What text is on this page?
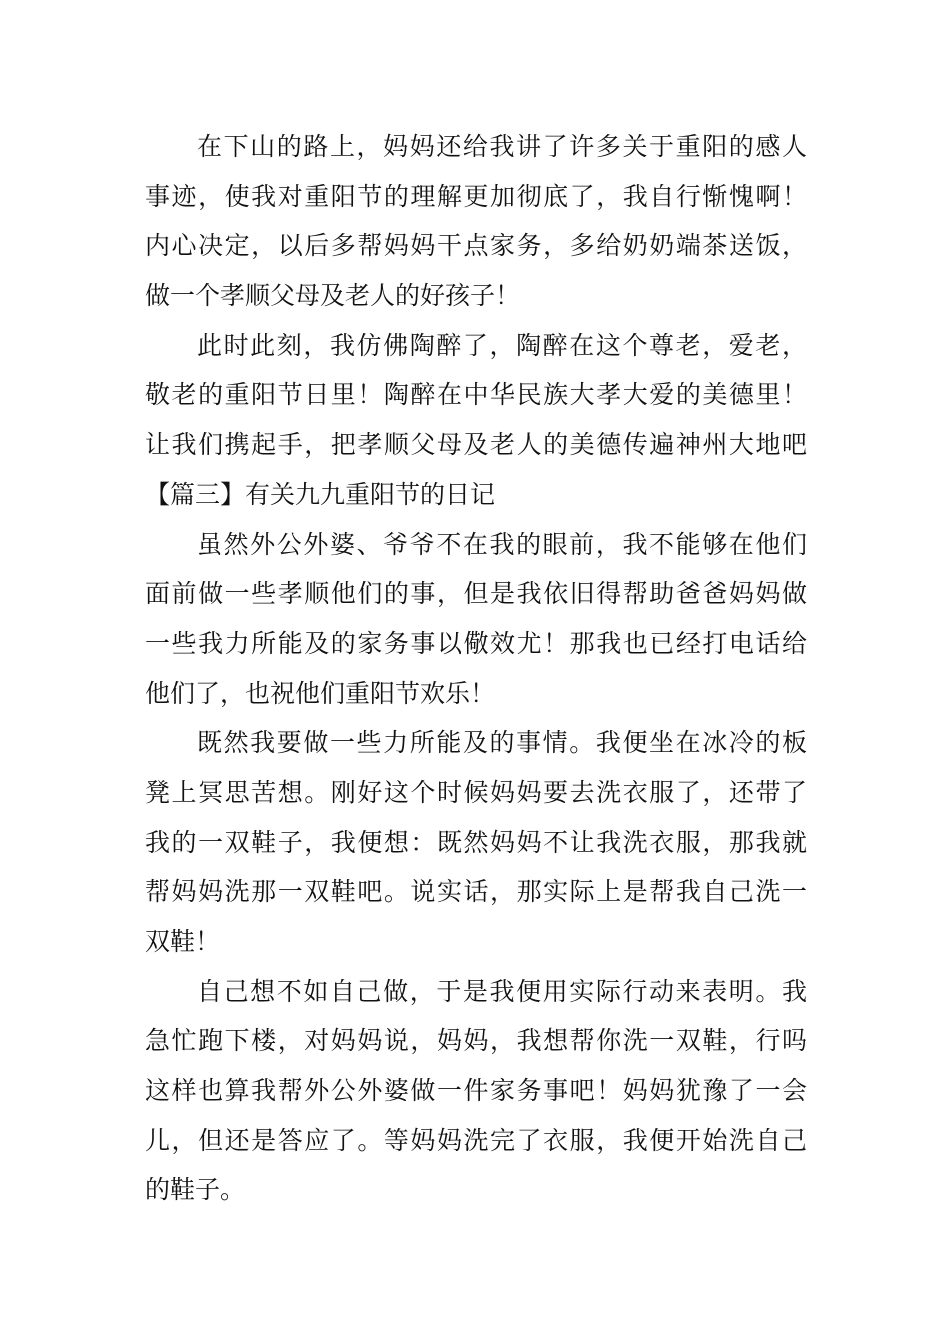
在下山的路上，妈妈还给我讲了许多关于重阳的感人
事迹，使我对重阳节的理解更加彻底了，我自行惭愧啊！
内心决定，以后多帮妈妈干点家务，多给奶奶端茶送饭，
做一个孝顺父母及老人的好孩子！
此时此刻，我仿佛陶醉了，陶醉在这个尊老，爱老，
敬老的重阳节日里！陶醉在中华民族大孝大爱的美德里！
让我们携起手，把孝顺父母及老人的美德传遍神州大地吧
【篇三】有关九九重阳节的日记
虽然外公外婆、爷爷不在我的眼前，我不能够在他们
面前做一些孝顺他们的事，但是我依旧得帮助爸爸妈妈做
一些我力所能及的家务事以儆效尤！那我也已经打电话给
他们了，也祝他们重阳节欢乐！
既然我要做一些力所能及的事情。我便坐在冰冷的板
凳上冥思苦想。刚好这个时候妈妈要去洗衣服了，还带了
我的一双鞋子，我便想：既然妈妈不让我洗衣服，那我就
帮妈妈洗那一双鞋吧。说实话，那实际上是帮我自己洗一
双鞋！
自己想不如自己做，于是我便用实际行动来表明。我
急忙跑下楼，对妈妈说，妈妈，我想帮你洗一双鞋，行吗
这样也算我帮外公外婆做一件家务事吧！妈妈犹豫了一会
儿，但还是答应了。等妈妈洗完了衣服，我便开始洗自己
的鞋子。
